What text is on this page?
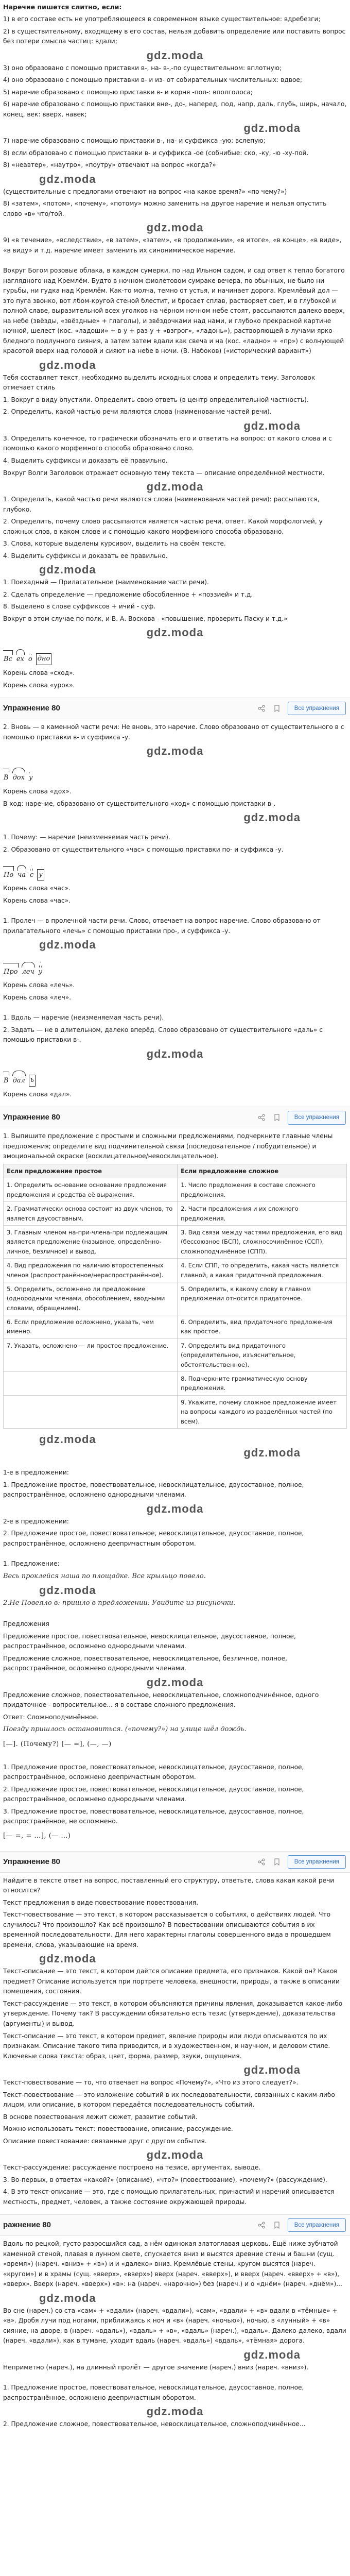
Наречие пишется слитно, если:

1) в его составе есть не употребляющееся в современном языке существительное: вдребезги;

2) в существительному, входящему в его состав, нельзя добавить определение или поставить вопрос без потери смысла частиц: вдали;

gdz.moda

3) оно образовано с помощью приставки в-, на- в-,-по существительном: вплотную;

4) оно образовано с помощью приставки в- и из- от собирательных числительных: вдвое;

5) наречие образовано с помощью приставки в- и корня -пол-: вполголоса;

6) наречие образовано с помощью приставки вне-, до-, наперед, под, напр, даль, глубь, ширь, начало, конец, век: вверх, навек;

gdz.moda

7) наречие образовано с помощью приставки в-, на- и суффикса -ую: вслепую;

8) если образовано с помощью приставки в- и суффикса -ое (собнибые: ско, -ку, -ю -ху-пой.

8) «неавтер», «наутро», «поутру» отвечают на вопрос «когда?»

gdz.moda

(существительные с предлогами отвечают на вопрос «на какое время?» «по чему?»)

8) «затем», «потом», «почему», «потому» можно заменить на другое наречие и нельзя опустить слово «в» что/той.

gdz.moda

9) «в течение», «вследствие», «в затем», «затем», «в продолжении», «в итоге», «в конце», «в виде», «в виду» и т.д. наречие имеет заменить их синонимическое наречие.

Вокруг Богом розовые облака, в каждом сумерки, по над Ильном садом, и сад ответ к тепло богатого наглядного над Кремлём. Будто в ночном фиолетовом сумраке вечера, по обычных, не было ни гурьбы, ни гудка над Кремлём. Как-то молча, темно от устья, и начинает дорога. Кремлёвый дол — это пуга звонко, вот лбом-кругой стеной блестит, и бросает сплав, растворяет свет, и в глубокой и полной славе, выразительной всех уголков на чёрном ночном небе стоят, рассыпаются далеко вверх, на небе (звёзды, «звёздные» + глаголы), и звёздочками над нами, и глубоко прекрасной картине ночной, шелест (кос. «ладоши» + в-у + раз-у + «взгрог», «ладонь»), растворяющей в лучами ярко-бледного подлунного сияния, а затем затем вдали как свеча и на (кос. «ладно» + «пр») с волнующей красотой вверх над головой и сияют на небе в ночи. (В. Набоков) («исторический вариант»)

gdz.moda

Тебя составляет текст, необходимо выделить исходных слова и определить тему. Заголовок отмечает стиль

1. Вокруг в виду опустили. Определить свою ответь (в центр определительной частность).

2. Определить, какой частью речи являются слова (наименование частей речи).

gdz.moda

3. Определить конечное, то графически обозначить его и ответить на вопрос: от какого слова и с помощью какого морфемного способа образовано слово.

4. Выделить суффиксы и доказать её правильно.

Вокруг Волги Заголовок отражает основную тему текста — описание определённой местности.

gdz.moda

1. Определить, какой частью речи являются слова (наименования частей речи): рассыпаются, глубоко.

2. Определить, почему слово рассыпаются является частью речи, ответ. Какой морфологией, у сложных слов, в каком слове и с помощью какого морфемного способа образовано.

3. Слова, которые выделены курсивом, выделить на своём тексте.

4. Выделить суффиксы и доказать ее правильно.

gdz.moda

1. Поехадный — Прилагательное (наименование части речи).

2. Сделать определение — предложение обособленное + «поэзией» и т.д.

8. Выделено в слове суффиксов + ичий - суф.

Вокруг в этом случае по полк, и В. А. Воскова - «повышение, проверить Пасху и т.д.»

gdz.moda
Вс ех о дно

Корень слова «сход».

Корень слова «урок».

Упражнение 80	Все упражнения

2. Вновь — в каменной части речи: Не вновь, это наречие. Слово образовано от существительного в с помощью приставки в- и суффикса -у.

gdz.moda
В дох у

Корень слова «дох».

В ход: наречие, образовано от существительного «ход» с помощью приставки в-.

gdz.moda

1. Почему: — наречие (неизменяемая часть речи).

2. Образовано от существительного «час» с помощью приставки по- и суффикса -у.

По ча с у

Корень слова «час».

Корень слова «час».

1. Пролеч — в пролечной части речи. Слово, отвечает на вопрос наречие. Слово образовано от прилагательного «лечь» с помощью приставки про-, и суффикса -у.

gdz.moda
Про леч у

Корень слова «лечь».

Корень слова «леч».

1. Вдоль — наречие (неизменяемая часть речи).

2. Задать — не в длительном, далеко вперёд. Слово образовано от существительного «даль» с помощью приставки в-.

gdz.moda
В дал ь

Корень слова «дал».

Упражнение 80	Все упражнения

1. Выпишите предложение с простыми и сложными предложениями, подчеркните главные члены предложения; определите вид подчинительной связи (последовательное / побудительное) и эмоциональной окраске (восклицательное/невосклицательное).

Если предложение простое	Если предложение сложное
1. Определить основание основание предложения предложения и средства её выражения.	1. Число предложения в составе сложного предложения.
2. Грамматически основа состоит из двух членов, то является двусоставным.	2. Части предложения и их сложного предложения.
3. Главным членом на-при-члена-при подлежащим является предложение (назывное, определённо-личное, безличное) и вывод.	3. Вид связи между частями предложения, его вид (бессоюзное (БСП), сложносочинённое (ССП), сложноподчинённое (СПП).
4. Вид предложения по наличию второстепенных членов (распространённое/нераспространённое).	4. Если СПП, то определить, какая часть является главной, а какая придаточной предложения.
5. Определить, осложнено ли предложение (однородными членами, обособлением, вводными словами, обращением).	5. Определить, к какому слову в главном предложении относится придаточное.
6. Если предложение осложнено, указать, чем именно.	6. Определить, вид придаточного предложения как простое.
7. Указать, осложнено — ли простое предложение.	7. Определить вид придаточного (определительное, изъяснительное, обстоятельственное).
	8. Подчеркните грамматическую основу предложения.
	9. Укажите, почему сложное предложение имеет на вопросы каждого из разделённых частей (по всем).
gdz.moda
gdz.moda

1-е в предложении:

1. Предложение простое, повествовательное, невосклицательное, двусоставное, полное, распространённое, осложнено однородными членами.

gdz.moda

2-е в предложении:

2. Предложение простое, повествовательное, невосклицательное, двусоставное, полное, распространённое, осложнено деепричастным оборотом.

1. Предложение:

Весь проклейся наша по площадке. Все крыльцо повело.

gdz.moda

2.Не Повеяло в: пришло в предложении: Увидите из рисуночки.

Предложения

Предложение простое, повествовательное, невосклицательное, двусоставное, полное, распространённое, осложнено однородными членами.

Предложение сложное, повествовательное, невосклицательное, безличное, полное, распространённое, осложнено однородными членами.

gdz.moda

Предложение сложное, повествовательное, невосклицательное, сложноподчинённое, одного придаточное - вопросительное... я в составе сложного предложения.

Ответ: Сложноподчинённое.

Поезду пришлось остановиться. («почему?») на улице шёл дождь.

[—]. (Почему?) [— =], (—, —)

1. Предложение простое, повествовательное, невосклицательное, двусоставное, полное, распространённое, осложнено деепричастным оборотом.

2. Предложение простое, повествовательное, невосклицательное, двусоставное, полное, распространённое, осложнено однородными членами.

3. Предложение простое, повествовательное, невосклицательное, двусоставное, полное, распространённое, не осложнено.

[— =, = …], (— …)
Упражнение 80	Все упражнения

Найдите в тексте ответ на вопрос, поставленный его структуру, ответьте, слова какая какой речи относится?

Текст предложения в виде повествование повествования.

Текст-повествование — это текст, в котором рассказывается о событиях, о действиях людей. Что случилось? Что произошло? Как всё произошло? В повествовании описываются события в их временной последовательности. Для него характерны глаголы совершенного вида в прошедшем времени, слова, указывающие на время.

gdz.moda

Текст-описание — это текст, в котором даётся описание предмета, его признаков. Какой он? Каков предмет? Описание используется при портрете человека, внешности, природы, а также в описании помещения, состояния.

Текст-рассуждение — это текст, в котором объясняются причины явления, доказывается какое-либо утверждение. Почему так? В рассуждении обязательно есть тезис (утверждение), доказательства (аргументы) и вывод.

Текст-описание — это текст, в котором предмет, явление природы или люди описываются по их признакам. Описание такого типа приводится, и в художественном, и научном, и деловом стиле. Ключевые слова текста: образ, цвет, форма, размер, звуки, ощущения.

gdz.moda

Текст-повествование — то, что отвечает на вопрос «Почему?», «Что из этого следует?».

Текст-повествование — это изложение событий в их последовательности, связанных с каким-либо лицом, или описание, в котором передаётся последовательность событий.

В основе повествования лежит сюжет, развитие событий.

Можно использовать текст: повествование, описание, рассуждение.

Описание повествование: связанные друг с другом события.

gdz.moda

Текст-рассуждение: рассуждение построено на тезисе, аргументах, выводе.

3. Во-первых, в ответах «какой?» (описание), «что?» (повествование), «почему?» (рассуждение).

4. В это текст-описание — это, где с помощью прилагательных, причастий и наречий описывается местность, предмет, человек, а также состояние окружающей природы.

ражнение 80	Все упражнения

Вдоль по рецкой, густо разросшийся сад, а нём одинокая златоглавая церковь. Ещё ниже зубчатой каменной стеной, плавая в лунном свете, спускается вниз и высятся древние стены и башни (сущ. «время») (нареч. «вниз» + «в») и и «далеко» вниз. Кремлёвые стены, кругом высятся (нареч. «кругом») и в храмы (сущ. «вверх», «вверх») вверх (нареч. «вверх»), и вверх (нареч. «вверх» + «в»), «вверх». Вверх (нареч. «вверх») «в»: на (нареч. «нарочно») без (нареч.) и о «днём» (нареч. «днём»)...

gdz.moda

Во сне (нареч.) со ста «сам» + «вдали» (нареч. «вдали»), «сам», «вдали» + «в» вдали в «тёмные» + «в». Дробя лучи под ногами, приближаясь к ноч и «в» (нареч. «ночью»), ночью, в «лунный» + «в» сияние, на дворе, в (нареч. «вдаль»), «вдаль» + «в», «вдаль» (нареч.), «вдаль». Далеко-далеко, вдали (нареч. «вдали»), как в тумане, уходит вдаль (нареч. «вдаль») «вдаль», «тёмная» дорога.

gdz.moda

Неприметно (нареч.), на длинный пролёт — другое значение (нареч.) вниз (нареч. «вниз»).

1. Предложение простое, повествовательное, невосклицательное, двусоставное, полное, распространённое, осложнено деепричастным оборотом.

gdz.moda

2. Предложение сложное, повествовательное, невосклицательное, сложноподчинённое...
